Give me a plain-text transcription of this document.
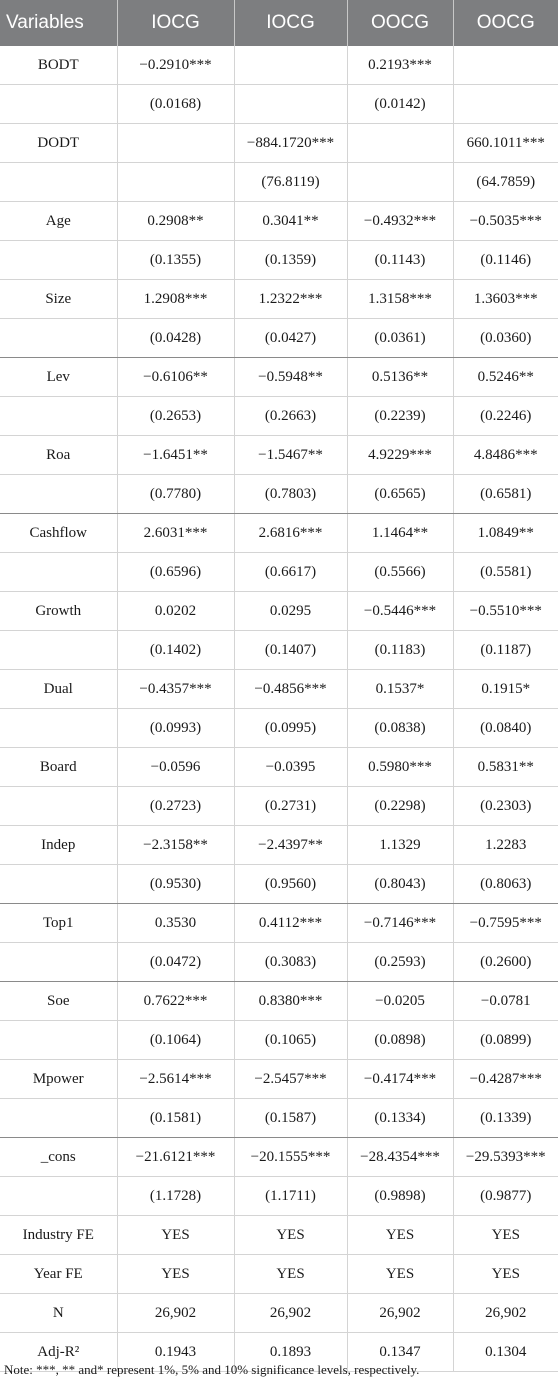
Variables	IOCG	IOCG	OOCG	OOCG
BODT	−0.2910***		0.2193***	
	(0.0168)		(0.0142)	
DODT		−884.1720***		660.1011***
		(76.8119)		(64.7859)
Age	0.2908**	0.3041**	−0.4932***	−0.5035***
	(0.1355)	(0.1359)	(0.1143)	(0.1146)
Size	1.2908***	1.2322***	1.3158***	1.3603***
	(0.0428)	(0.0427)	(0.0361)	(0.0360)
Lev	−0.6106**	−0.5948**	0.5136**	0.5246**
	(0.2653)	(0.2663)	(0.2239)	(0.2246)
Roa	−1.6451**	−1.5467**	4.9229***	4.8486***
	(0.7780)	(0.7803)	(0.6565)	(0.6581)
Cashflow	2.6031***	2.6816***	1.1464**	1.0849**
	(0.6596)	(0.6617)	(0.5566)	(0.5581)
Growth	0.0202	0.0295	−0.5446***	−0.5510***
	(0.1402)	(0.1407)	(0.1183)	(0.1187)
Dual	−0.4357***	−0.4856***	0.1537*	0.1915*
	(0.0993)	(0.0995)	(0.0838)	(0.0840)
Board	−0.0596	−0.0395	0.5980***	0.5831**
	(0.2723)	(0.2731)	(0.2298)	(0.2303)
Indep	−2.3158**	−2.4397**	1.1329	1.2283
	(0.9530)	(0.9560)	(0.8043)	(0.8063)
Top1	0.3530	0.4112***	−0.7146***	−0.7595***
	(0.0472)	(0.3083)	(0.2593)	(0.2600)
Soe	0.7622***	0.8380***	−0.0205	−0.0781
	(0.1064)	(0.1065)	(0.0898)	(0.0899)
Mpower	−2.5614***	−2.5457***	−0.4174***	−0.4287***
	(0.1581)	(0.1587)	(0.1334)	(0.1339)
_cons	−21.6121***	−20.1555***	−28.4354***	−29.5393***
	(1.1728)	(1.1711)	(0.9898)	(0.9877)
Industry FE	YES	YES	YES	YES
Year FE	YES	YES	YES	YES
N	26,902	26,902	26,902	26,902
Adj-R²	0.1943	0.1893	0.1347	0.1304

Note: ***, ** and* represent 1%, 5% and 10% significance levels, respectively.
